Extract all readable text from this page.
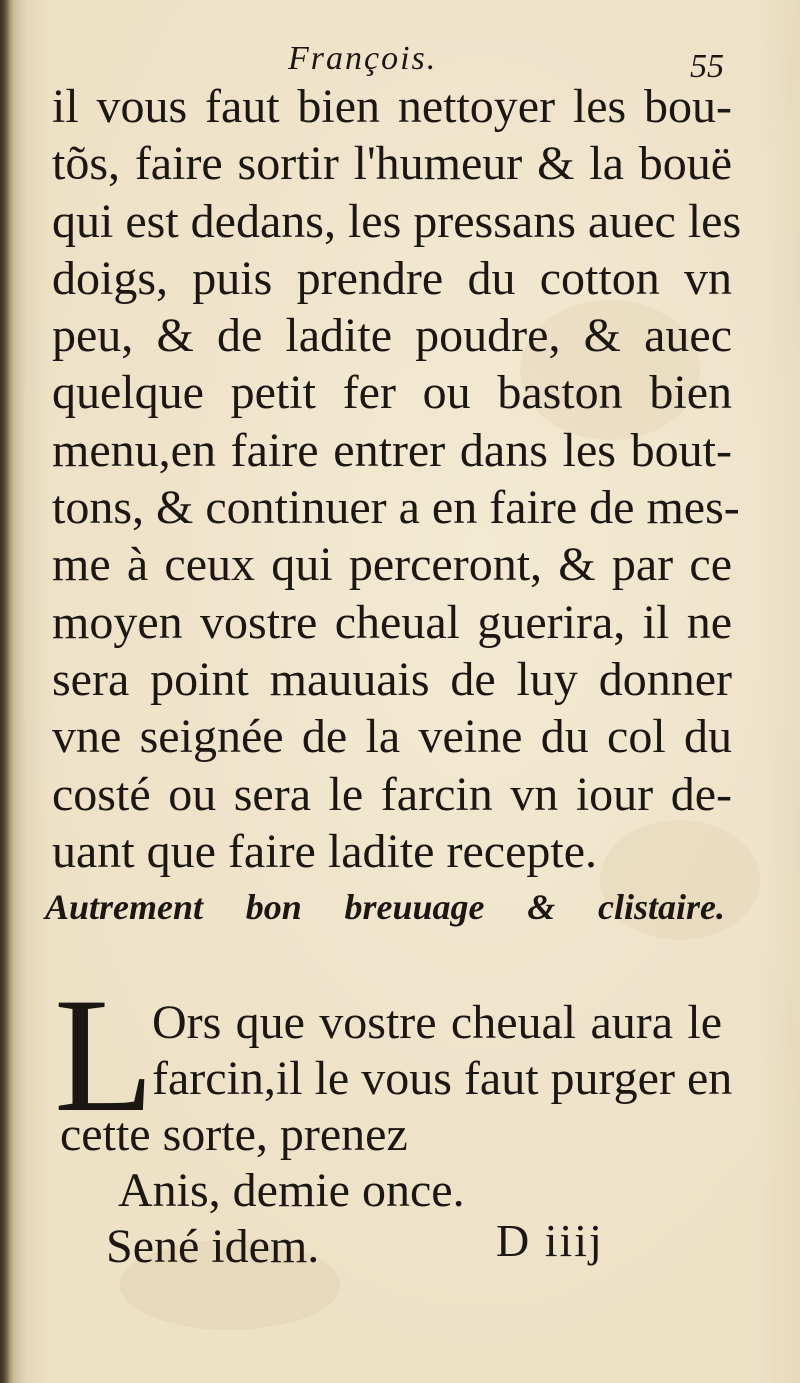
François.	55
il vous faut bien nettoyer les bou-
tõs, faire sortir l'humeur & la bouë
qui est dedans, les pressans auec les
doigs, puis prendre du cotton vn
peu, & de ladite poudre, & auec
quelque petit fer ou baston bien
menu,en faire entrer dans les bout-
tons, & continuer a en faire de mes-
me à ceux qui perceront, & par ce
moyen vostre cheual guerira, il ne
sera point mauuais de luy donner
vne seignée de la veine du col du
costé ou sera le farcin vn iour de-
uant que faire ladite recepte.
Autrement bon breuuage & clistaire.
L
Ors que vostre cheual aura le
farcin,il le vous faut purger en
cette sorte, prenez
Anis, demie once.
Sené idem.	D iiij
